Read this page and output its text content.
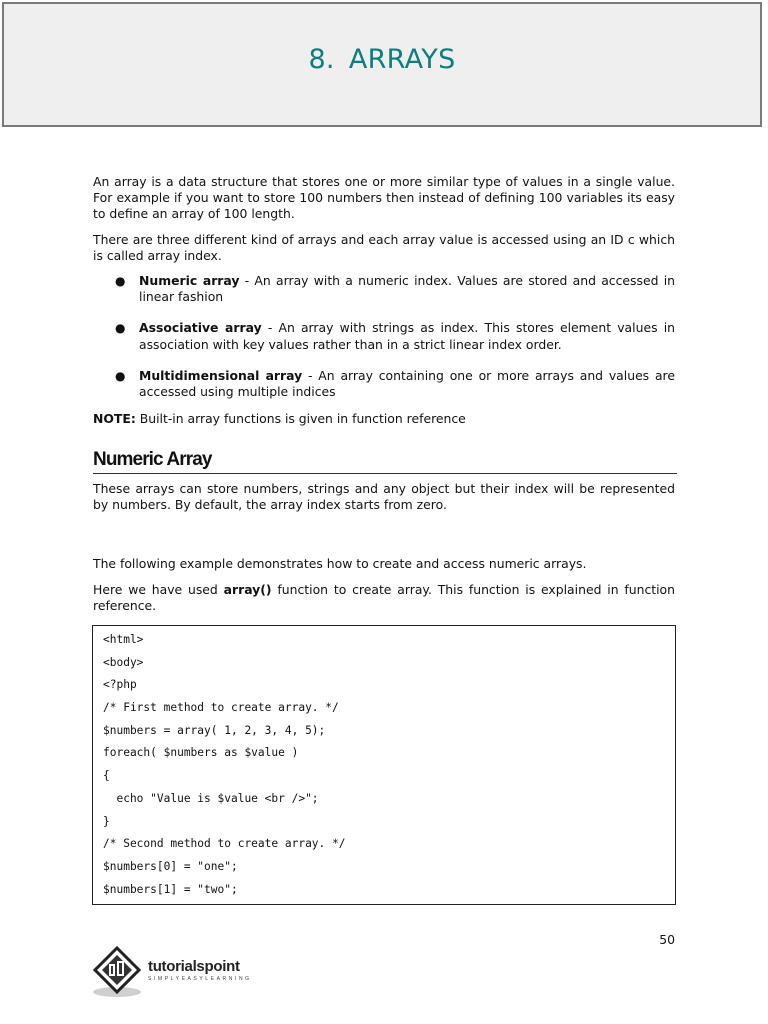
8. ARRAYS

An array is a data structure that stores one or more similar type of values in a single value. For example if you want to store 100 numbers then instead of defining 100 variables its easy to define an array of 100 length.

There are three different kind of arrays and each array value is accessed using an ID c which is called array index.

● Numeric array - An array with a numeric index. Values are stored and accessed in linear fashion
● Associative array - An array with strings as index. This stores element values in association with key values rather than in a strict linear index order.
● Multidimensional array - An array containing one or more arrays and values are accessed using multiple indices

NOTE: Built-in array functions is given in function reference

Numeric Array

These arrays can store numbers, strings and any object but their index will be represented by numbers. By default, the array index starts from zero.

The following example demonstrates how to create and access numeric arrays.

Here we have used array() function to create array. This function is explained in function reference.

<html>
<body>
<?php
/* First method to create array. */
$numbers = array( 1, 2, 3, 4, 5);
foreach( $numbers as $value )
{
echo "Value is $value <br />";
}
/* Second method to create array. */
$numbers[0] = "one";
$numbers[1] = "two";
50
tutorialspoint
SIMPLYEASYLEARNING
